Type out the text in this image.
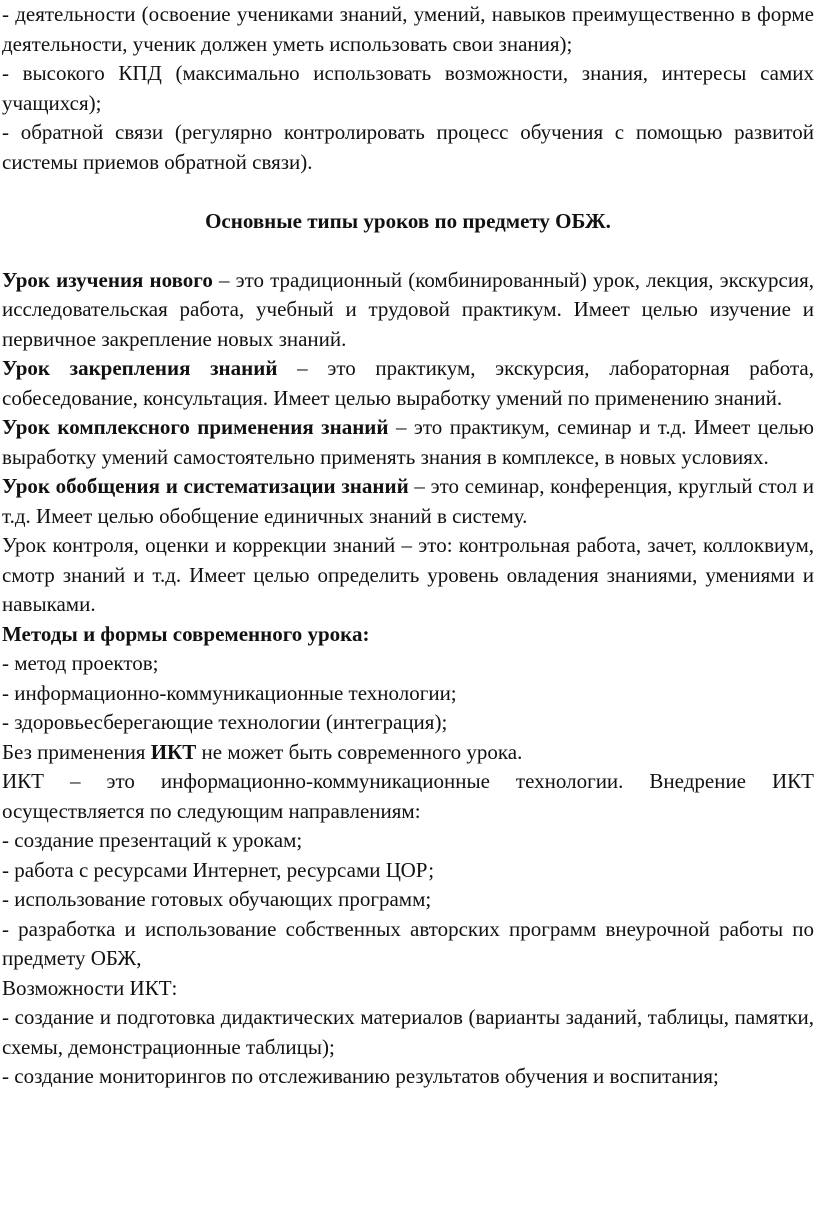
- деятельности (освоение учениками знаний, умений, навыков преимущественно в форме деятельности, ученик должен уметь использовать свои знания);

- высокого КПД (максимально использовать возможности, знания, интересы самих учащихся);

- обратной связи (регулярно контролировать процесс обучения с помощью развитой системы приемов обратной связи).

Основные типы уроков по предмету ОБЖ.

Урок изучения нового – это традиционный (комбинированный) урок, лекция, экскурсия, исследовательская работа, учебный и трудовой практикум. Имеет целью изучение и первичное закрепление новых знаний.

Урок закрепления знаний – это практикум, экскурсия, лабораторная работа, собеседование, консультация. Имеет целью выработку умений по применению знаний.

Урок комплексного применения знаний – это практикум, семинар и т.д. Имеет целью выработку умений самостоятельно применять знания в комплексе, в новых условиях.

Урок обобщения и систематизации знаний – это семинар, конференция, круглый стол и т.д. Имеет целью обобщение единичных знаний в систему.

Урок контроля, оценки и коррекции знаний – это: контрольная работа, зачет, коллоквиум, смотр знаний и т.д. Имеет целью определить уровень овладения знаниями, умениями и навыками.

Методы и формы современного урока:

- метод проектов;

- информационно-коммуникационные технологии;

- здоровьесберегающие технологии (интеграция);

Без применения ИКТ не может быть современного урока.

ИКТ – это информационно-коммуникационные технологии. Внедрение ИКТ осуществляется по следующим направлениям:

- создание презентаций к урокам;

- работа с ресурсами Интернет, ресурсами ЦОР;

- использование готовых обучающих программ;

- разработка и использование собственных авторских программ внеурочной работы по предмету ОБЖ,

Возможности ИКТ:

- создание и подготовка дидактических материалов (варианты заданий, таблицы, памятки, схемы, демонстрационные таблицы);

- создание мониторингов по отслеживанию результатов обучения и воспитания;
